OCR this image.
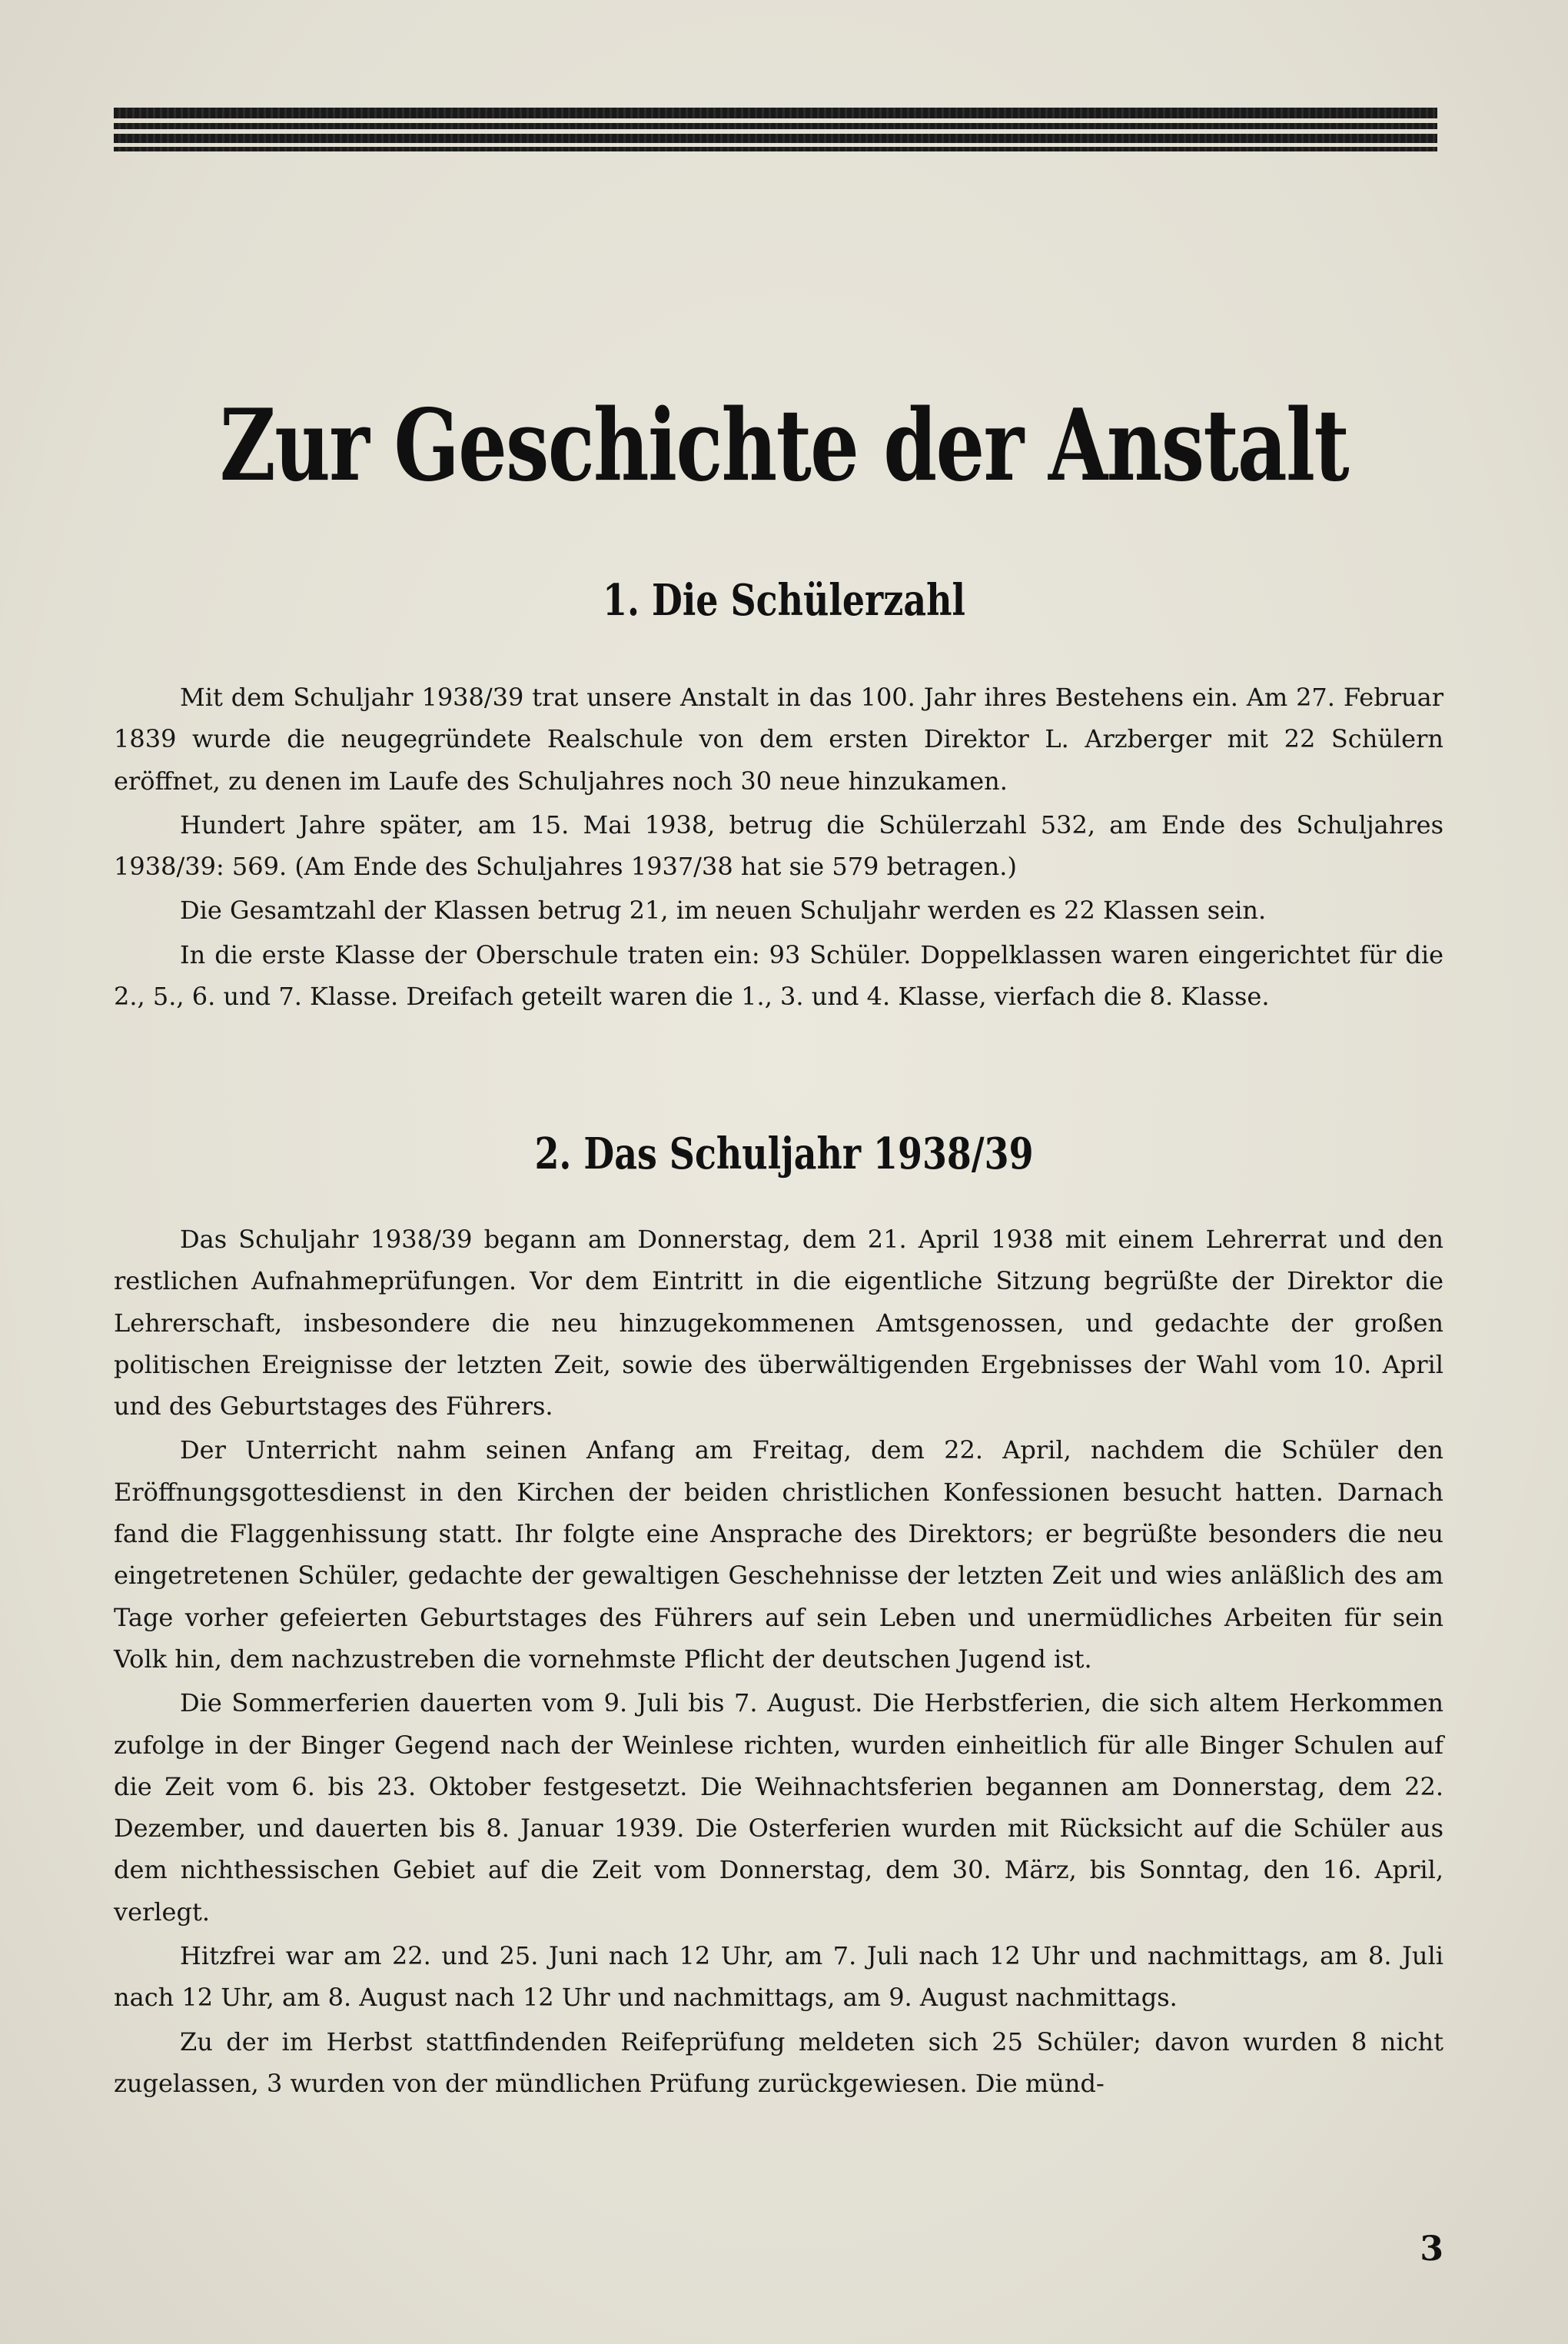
Zur Geschichte der Anstalt
1. Die Schülerzahl

Mit dem Schuljahr 1938/39 trat unsere Anstalt in das 100. Jahr ihres Bestehens ein. Am 27. Februar 1839 wurde die neugegründete Realschule von dem ersten Direktor L. Arzberger mit 22 Schülern eröffnet, zu denen im Laufe des Schuljahres noch 30 neue hinzukamen.

Hundert Jahre später, am 15. Mai 1938, betrug die Schülerzahl 532, am Ende des Schuljahres 1938/39: 569. (Am Ende des Schuljahres 1937/38 hat sie 579 betragen.)

Die Gesamtzahl der Klassen betrug 21, im neuen Schuljahr werden es 22 Klassen sein.

In die erste Klasse der Oberschule traten ein: 93 Schüler. Doppelklassen waren eingerichtet für die 2., 5., 6. und 7. Klasse. Dreifach geteilt waren die 1., 3. und 4. Klasse, vierfach die 8. Klasse.

2. Das Schuljahr 1938/39

Das Schuljahr 1938/39 begann am Donnerstag, dem 21. April 1938 mit einem Lehrerrat und den restlichen Aufnahmeprüfungen. Vor dem Eintritt in die eigentliche Sitzung begrüßte der Direktor die Lehrerschaft, insbesondere die neu hinzugekommenen Amtsgenossen, und gedachte der großen politischen Ereignisse der letzten Zeit, sowie des überwältigenden Ergebnisses der Wahl vom 10. April und des Geburtstages des Führers.

Der Unterricht nahm seinen Anfang am Freitag, dem 22. April, nachdem die Schüler den Eröffnungsgottesdienst in den Kirchen der beiden christlichen Konfessionen besucht hatten. Darnach fand die Flaggenhissung statt. Ihr folgte eine Ansprache des Direktors; er begrüßte besonders die neu eingetretenen Schüler, gedachte der gewaltigen Geschehnisse der letzten Zeit und wies anläßlich des am Tage vorher gefeierten Geburtstages des Führers auf sein Leben und unermüdliches Arbeiten für sein Volk hin, dem nachzustreben die vornehmste Pflicht der deutschen Jugend ist.

Die Sommerferien dauerten vom 9. Juli bis 7. August. Die Herbstferien, die sich altem Herkommen zufolge in der Binger Gegend nach der Weinlese richten, wurden einheitlich für alle Binger Schulen auf die Zeit vom 6. bis 23. Oktober festgesetzt. Die Weihnachtsferien begannen am Donnerstag, dem 22. Dezember, und dauerten bis 8. Januar 1939. Die Osterferien wurden mit Rücksicht auf die Schüler aus dem nichthessischen Gebiet auf die Zeit vom Donnerstag, dem 30. März, bis Sonntag, den 16. April, verlegt.

Hitzfrei war am 22. und 25. Juni nach 12 Uhr, am 7. Juli nach 12 Uhr und nachmittags, am 8. Juli nach 12 Uhr, am 8. August nach 12 Uhr und nachmittags, am 9. August nachmittags.

Zu der im Herbst stattfindenden Reifeprüfung meldeten sich 25 Schüler; davon wurden 8 nicht zugelassen, 3 wurden von der mündlichen Prüfung zurückgewiesen. Die münd-

3
